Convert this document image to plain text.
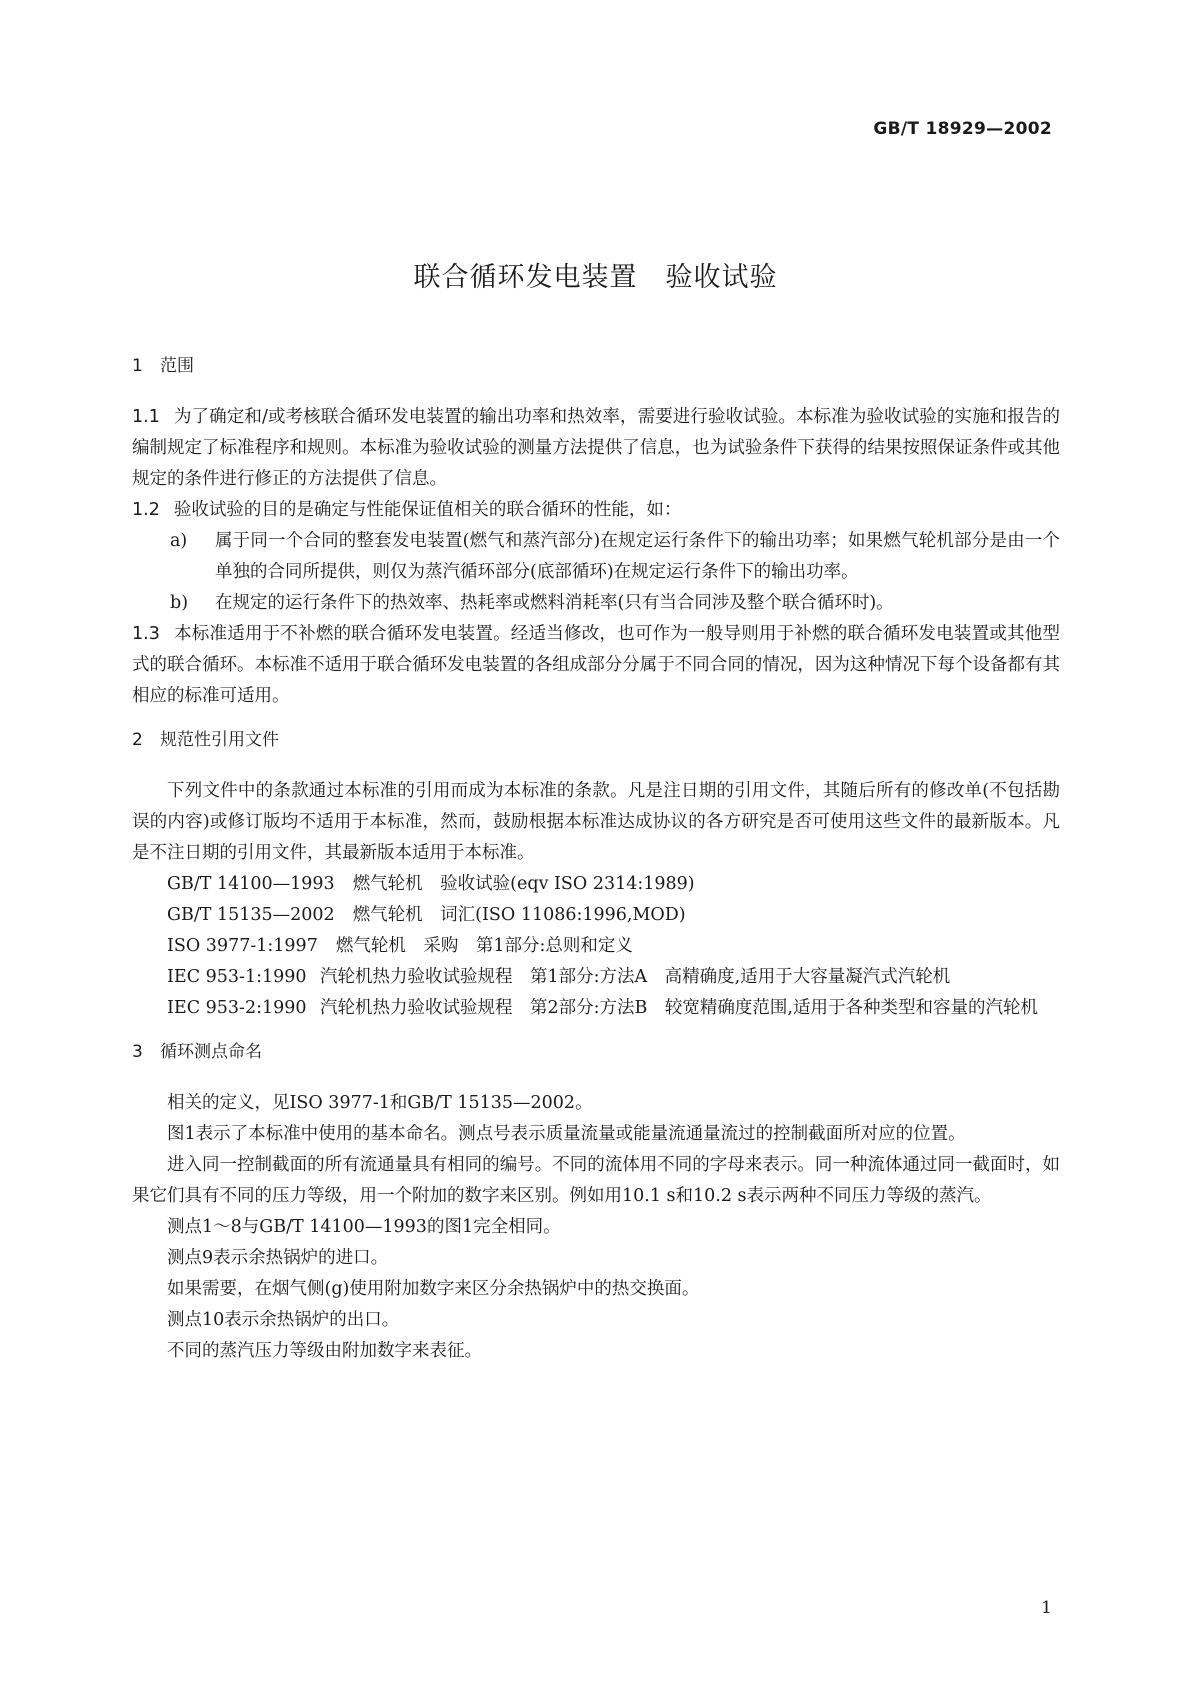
GB/T 18929—2002
联合循环发电装置　验收试验
1	范围

1.1 为了确定和/或考核联合循环发电装置的输出功率和热效率，需要进行验收试验。本标准为验收试验的实施和报告的编制规定了标准程序和规则。本标准为验收试验的测量方法提供了信息，也为试验条件下获得的结果按照保证条件或其他规定的条件进行修正的方法提供了信息。

1.2 验收试验的目的是确定与性能保证值相关的联合循环的性能，如：

a)	属于同一个合同的整套发电装置(燃气和蒸汽部分)在规定运行条件下的输出功率；如果燃气轮机部分是由一个单独的合同所提供，则仅为蒸汽循环部分(底部循环)在规定运行条件下的输出功率。
b)	在规定的运行条件下的热效率、热耗率或燃料消耗率(只有当合同涉及整个联合循环时)。

1.3 本标准适用于不补燃的联合循环发电装置。经适当修改，也可作为一般导则用于补燃的联合循环发电装置或其他型式的联合循环。本标准不适用于联合循环发电装置的各组成部分分属于不同合同的情况，因为这种情况下每个设备都有其相应的标准可适用。

2	规范性引用文件

下列文件中的条款通过本标准的引用而成为本标准的条款。凡是注日期的引用文件，其随后所有的修改单(不包括勘误的内容)或修订版均不适用于本标准，然而，鼓励根据本标准达成协议的各方研究是否可使用这些文件的最新版本。凡是不注日期的引用文件，其最新版本适用于本标准。

GB/T 14100—1993	燃气轮机　验收试验(eqv ISO 2314:1989)
GB/T 15135—2002	燃气轮机　词汇(ISO 11086:1996,MOD)
ISO 3977-1:1997	燃气轮机　采购　第1部分:总则和定义
IEC 953-1:1990 汽轮机热力验收试验规程　第1部分:方法A　高精确度,适用于大容量凝汽式汽轮机
IEC 953-2:1990 汽轮机热力验收试验规程　第2部分:方法B　较宽精确度范围,适用于各种类型和容量的汽轮机
3	循环测点命名

相关的定义，见ISO 3977-1和GB/T 15135—2002。

图1表示了本标准中使用的基本命名。测点号表示质量流量或能量流通量流过的控制截面所对应的位置。

进入同一控制截面的所有流通量具有相同的编号。不同的流体用不同的字母来表示。同一种流体通过同一截面时，如果它们具有不同的压力等级，用一个附加的数字来区别。例如用10.1 s和10.2 s表示两种不同压力等级的蒸汽。

测点1～8与GB/T 14100—1993的图1完全相同。

测点9表示余热锅炉的进口。

如果需要，在烟气侧(g)使用附加数字来区分余热锅炉中的热交换面。

测点10表示余热锅炉的出口。

不同的蒸汽压力等级由附加数字来表征。

1
